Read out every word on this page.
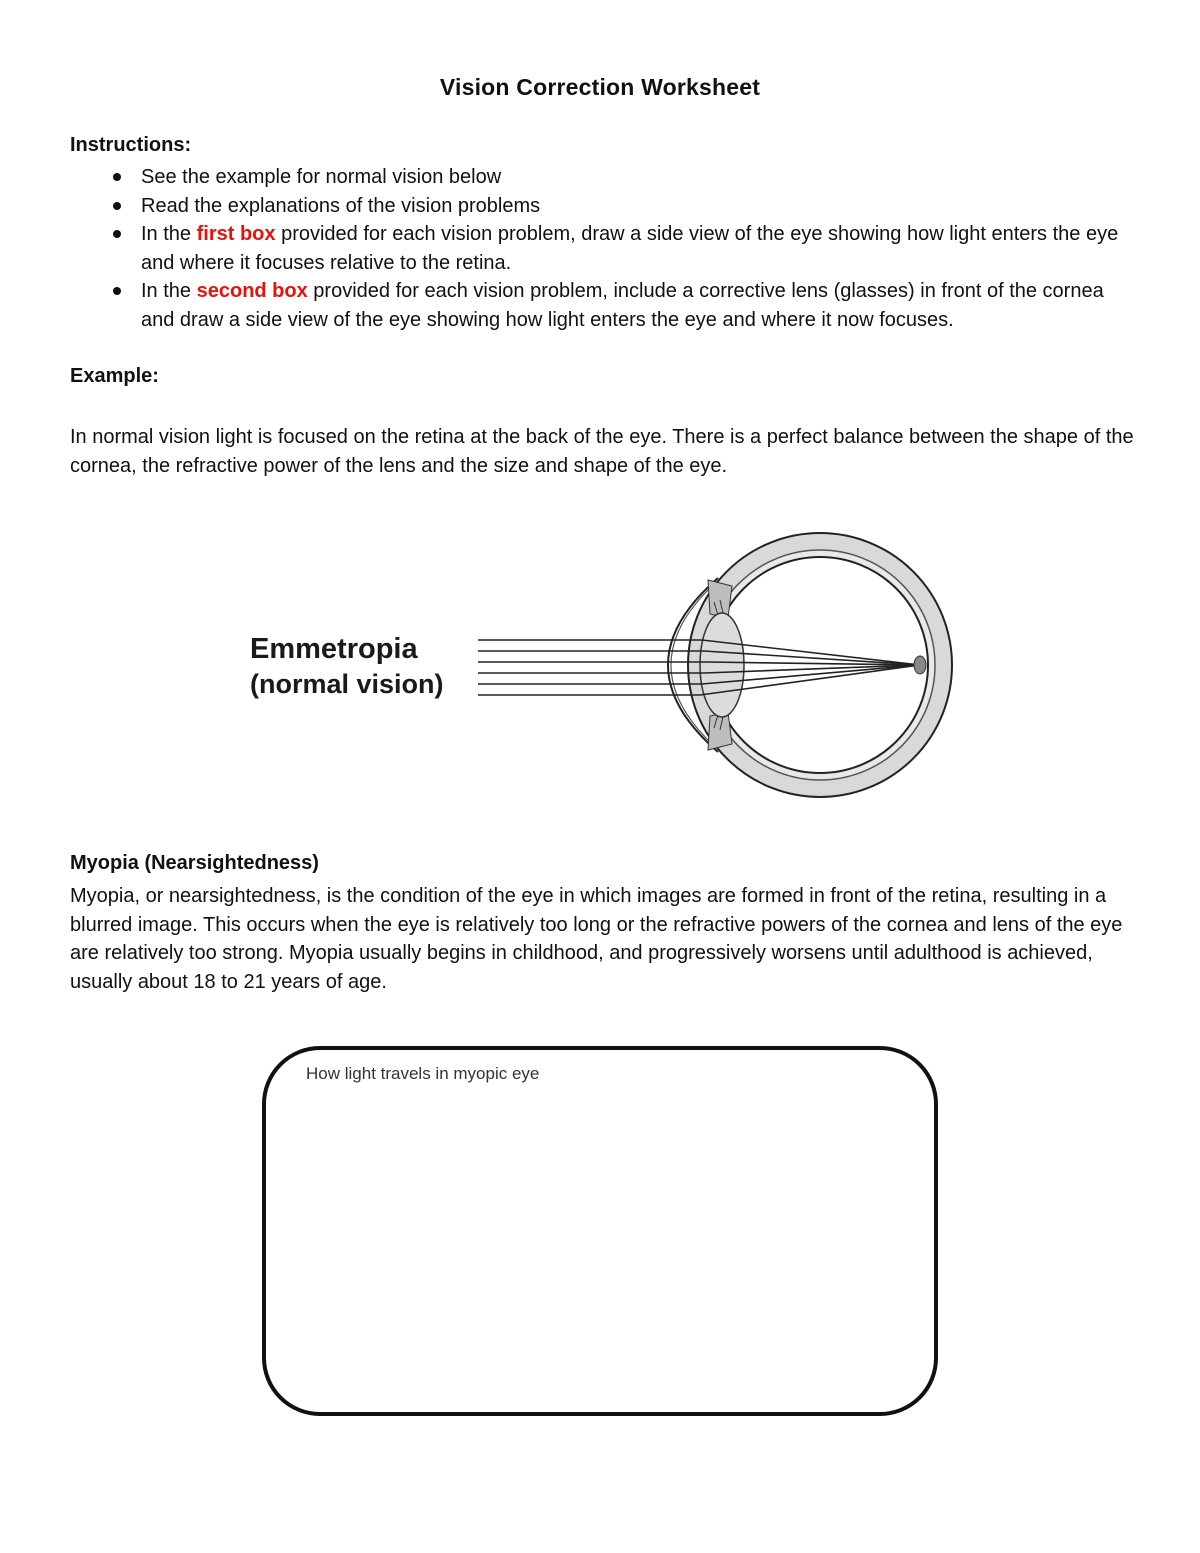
Vision Correction Worksheet
Instructions:
See the example for normal vision below
Read the explanations of the vision problems
In the first box provided for each vision problem, draw a side view of the eye showing how light enters the eye and where it focuses relative to the retina.
In the second box provided for each vision problem, include a corrective lens (glasses) in front of the cornea and draw a side view of the eye showing how light enters the eye and where it now focuses.
Example:

In normal vision light is focused on the retina at the back of the eye. There is a perfect balance between the shape of the cornea, the refractive power of the lens and the size and shape of the eye.

Emmetropia
(normal vision)
Myopia (Nearsightedness)

Myopia, or nearsightedness, is the condition of the eye in which images are formed in front of the retina, resulting in a blurred image. This occurs when the eye is relatively too long or the refractive powers of the cornea and lens of the eye are relatively too strong. Myopia usually begins in childhood, and progressively worsens until adulthood is achieved, usually about 18 to 21 years of age.

How light travels in myopic eye
